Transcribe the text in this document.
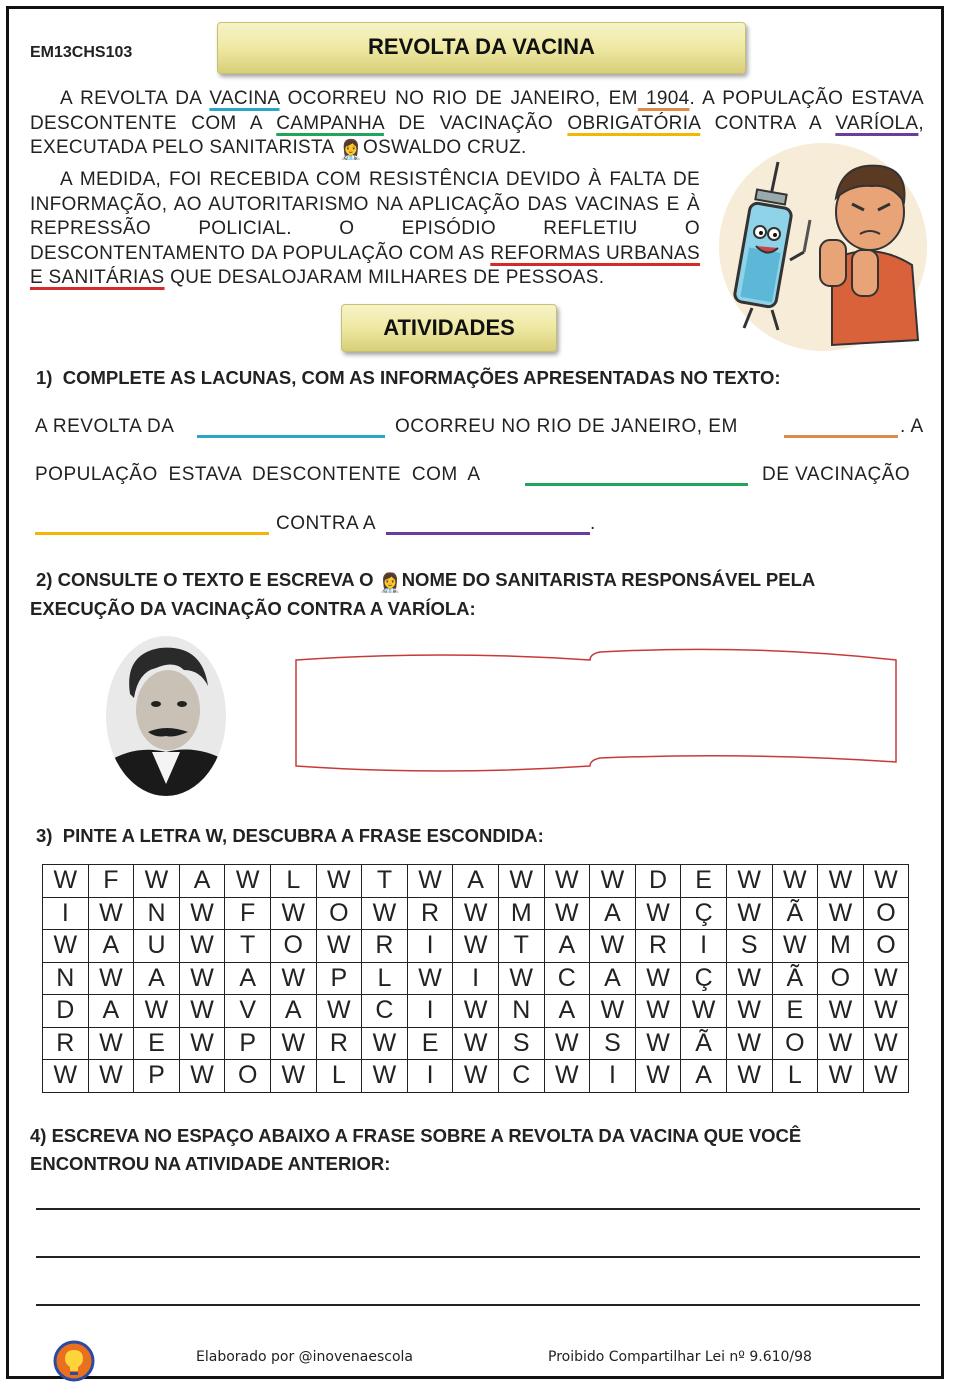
EM13CHS103	REVOLTA DA VACINA
A REVOLTA DA VACINA OCORREU NO RIO DE JANEIRO, EM 1904. A POPULAÇÃO ESTAVA DESCONTENTE COM A CAMPANHA DE VACINAÇÃO OBRIGATÓRIA CONTRA A VARÍOLA, EXECUTADA PELO SANITARISTA 👩‍⚕️OSWALDO CRUZ.
A MEDIDA, FOI RECEBIDA COM RESISTÊNCIA DEVIDO À FALTA DE INFORMAÇÃO, AO AUTORITARISMO NA APLICAÇÃO DAS VACINAS E À REPRESSÃO POLICIAL. O EPISÓDIO REFLETIU O DESCONTENTAMENTO DA POPULAÇÃO COM AS REFORMAS URBANAS E SANITÁRIAS QUE DESALOJARAM MILHARES DE PESSOAS.
ATIVIDADES
1) COMPLETE AS LACUNAS, COM AS INFORMAÇÕES APRESENTADAS NO TEXTO:
A REVOLTA DA	OCORREU NO RIO DE JANEIRO, EM	. A
POPULAÇÃO ESTAVA DESCONTENTE COM A	DE VACINAÇÃO
CONTRA A	.
2) CONSULTE O TEXTO E ESCREVA O 👩‍⚕️NOME DO SANITARISTA RESPONSÁVEL PELA
EXECUÇÃO DA VACINAÇÃO CONTRA A VARÍOLA:
3) PINTE A LETRA W, DESCUBRA A FRASE ESCONDIDA:
W	F	W	A	W	L	W	T	W	A	W	W	W	D	E	W	W	W	W
I	W	N	W	F	W	O	W	R	W	M	W	A	W	Ç	W	Ã	W	O
W	A	U	W	T	O	W	R	I	W	T	A	W	R	I	S	W	M	O
N	W	A	W	A	W	P	L	W	I	W	C	A	W	Ç	W	Ã	O	W
D	A	W	W	V	A	W	C	I	W	N	A	W	W	W	W	E	W	W
R	W	E	W	P	W	R	W	E	W	S	W	S	W	Ã	W	O	W	W
W	W	P	W	O	W	L	W	I	W	C	W	I	W	A	W	L	W	W
4) ESCREVA NO ESPAÇO ABAIXO A FRASE SOBRE A REVOLTA DA VACINA QUE VOCÊ
ENCONTROU NA ATIVIDADE ANTERIOR:
Elaborado por @inovenaescola	Proibido Compartilhar Lei nº 9.610/98
